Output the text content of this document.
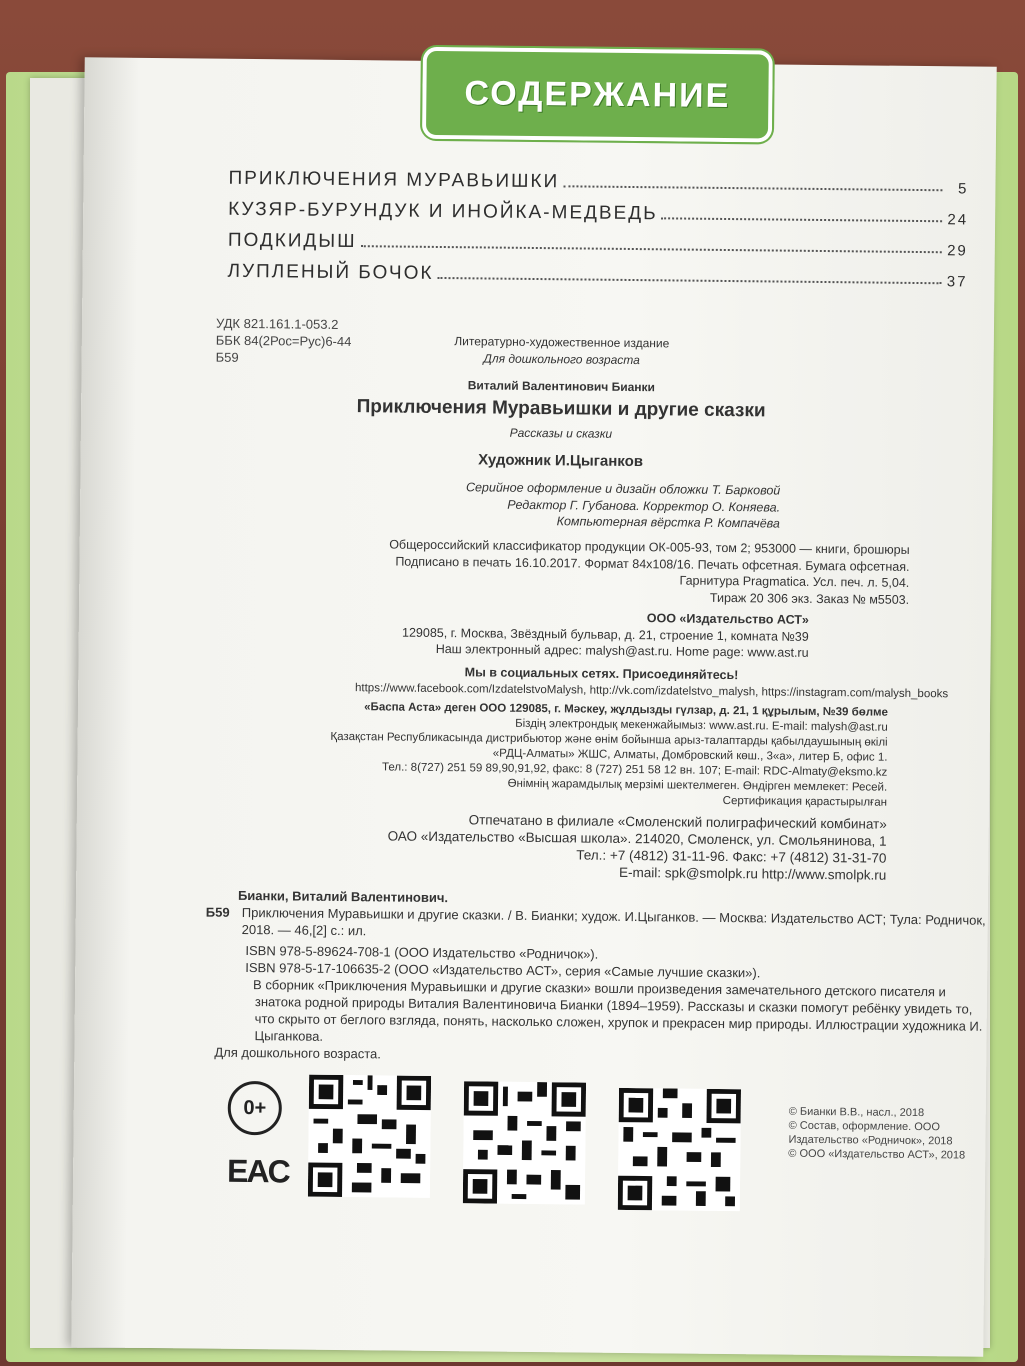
СОДЕРЖАНИЕ
ПРИКЛЮЧЕНИЯ МУРАВЬИШКИ	5
КУЗЯР-БУРУНДУК И ИНОЙКА-МЕДВЕДЬ	24
ПОДКИДЫШ	29
ЛУПЛЕНЫЙ БОЧОК	37
УДК 821.161.1-053.2
ББК 84(2Рос=Рус)6-44
Б59
Литературно-художественное издание
Для дошкольного возраста
Виталий Валентинович Бианки
Приключения Муравьишки и другие сказки
Рассказы и сказки
Художник И.Цыганков
Серийное оформление и дизайн обложки Т. Барковой
Редактор Г. Губанова. Корректор О. Коняева.
Компьютерная вёрстка Р. Компачёва
Общероссийский классификатор продукции ОК-005-93, том 2; 953000 — книги, брошюры
Подписано в печать 16.10.2017. Формат 84х108/16. Печать офсетная. Бумага офсетная.
Гарнитура Pragmatica. Усл. печ. л. 5,04.
Тираж 20 306 экз. Заказ № м5503.
ООО «Издательство АСТ»
129085, г. Москва, Звёздный бульвар, д. 21, строение 1, комната №39
Наш электронный адрес: malysh@ast.ru. Home page: www.ast.ru
Мы в социальных сетях. Присоединяйтесь!
https://www.facebook.com/IzdatelstvoMalysh, http://vk.com/izdatelstvo_malysh, https://instagram.com/malysh_books
«Баспа Аста» деген ООО 129085, г. Мәскеу, жұлдызды гүлзар, д. 21, 1 құрылым, №39 бөлме
Біздің электрондық мекенжайымыз: www.ast.ru. E-mail: malysh@ast.ru
Қазақстан Республикасында дистрибьютор және өнім бойынша арыз-талаптарды қабылдаушының өкілі
«РДЦ-Алматы» ЖШС, Алматы, Домбровский көш., 3«а», литер Б, офис 1.
Тел.: 8(727) 251 59 89,90,91,92, факс: 8 (727) 251 58 12 вн. 107; E-mail: RDC-Almaty@eksmo.kz
Өнімнің жарамдылық мерзімі шектелмеген. Өндірген мемлекет: Ресей.
Сертификация қарастырылған
Отпечатано в филиале «Смоленский полиграфический комбинат»
ОАО «Издательство «Высшая школа». 214020, Смоленск, ул. Смольянинова, 1
Тел.: +7 (4812) 31-11-96. Факс: +7 (4812) 31-31-70
E-mail: spk@smolpk.ru http://www.smolpk.ru
Бианки, Виталий Валентинович.
Б59 Приключения Муравьишки и другие сказки. / В. Бианки; худож. И.Цыганков. — Москва: Издательство АСТ; Тула: Родничок, 2018. — 46,[2] с.: ил.
ISBN 978-5-89624-708-1 (ООО Издательство «Родничок»).
ISBN 978-5-17-106635-2 (ООО «Издательство АСТ», серия «Самые лучшие сказки»).
В сборник «Приключения Муравьишки и другие сказки» вошли произведения замечательного детского писателя и знатока родной природы Виталия Валентиновича Бианки (1894–1959). Рассказы и сказки помогут ребёнку увидеть то, что скрыто от беглого взгляда, понять, насколько сложен, хрупок и прекрасен мир природы. Иллюстрации художника И. Цыганкова.
Для дошкольного возраста.
0+
EAC
© Бианки В.В., насл., 2018
© Состав, оформление. ООО Издательство «Родничок», 2018
© ООО «Издательство АСТ», 2018
